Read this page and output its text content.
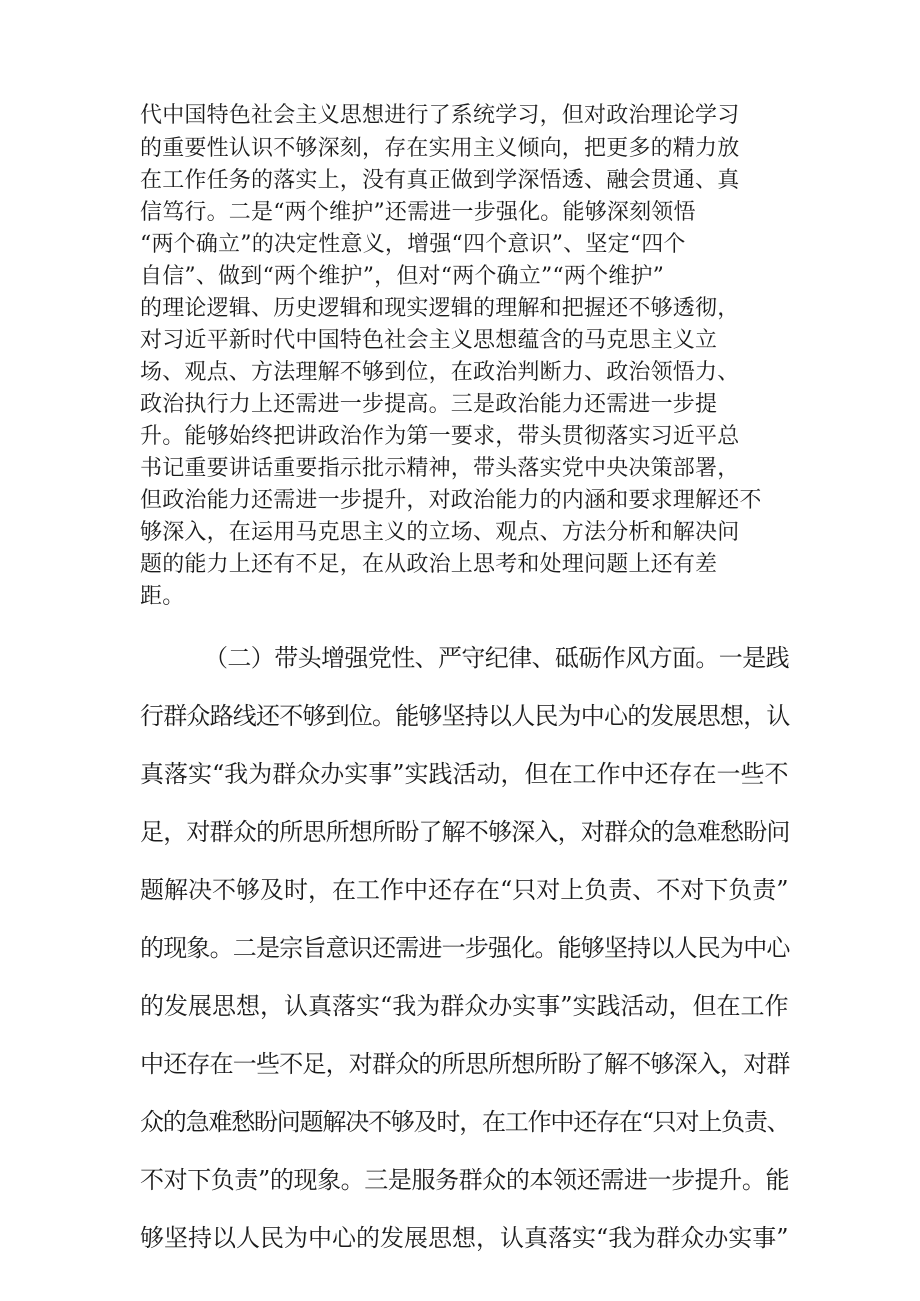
代中国特色社会主义思想进行了系统学习，但对政治理论学习

的重要性认识不够深刻，存在实用主义倾向，把更多的精力放

在工作任务的落实上，没有真正做到学深悟透、融会贯通、真

信笃行。二是“两个维护”还需进一步强化。能够深刻领悟

“两个确立”的决定性意义，增强“四个意识”、坚定“四个

自信”、做到“两个维护”，但对“两个确立”“两个维护”

的理论逻辑、历史逻辑和现实逻辑的理解和把握还不够透彻，

对习近平新时代中国特色社会主义思想蕴含的马克思主义立

场、观点、方法理解不够到位，在政治判断力、政治领悟力、

政治执行力上还需进一步提高。三是政治能力还需进一步提

升。能够始终把讲政治作为第一要求，带头贯彻落实习近平总

书记重要讲话重要指示批示精神，带头落实党中央决策部署，

但政治能力还需进一步提升，对政治能力的内涵和要求理解还不

够深入，在运用马克思主义的立场、观点、方法分析和解决问

题的能力上还有不足，在从政治上思考和处理问题上还有差

距。

（二）带头增强党性、严守纪律、砥砺作风方面。一是践

行群众路线还不够到位。能够坚持以人民为中心的发展思想，认

真落实“我为群众办实事”实践活动，但在工作中还存在一些不

足，对群众的所思所想所盼了解不够深入，对群众的急难愁盼问

题解决不够及时，在工作中还存在“只对上负责、不对下负责”

的现象。二是宗旨意识还需进一步强化。能够坚持以人民为中心

的发展思想，认真落实“我为群众办实事”实践活动，但在工作

中还存在一些不足，对群众的所思所想所盼了解不够深入，对群

众的急难愁盼问题解决不够及时，在工作中还存在“只对上负责、

不对下负责”的现象。三是服务群众的本领还需进一步提升。能

够坚持以人民为中心的发展思想，认真落实“我为群众办实事”
